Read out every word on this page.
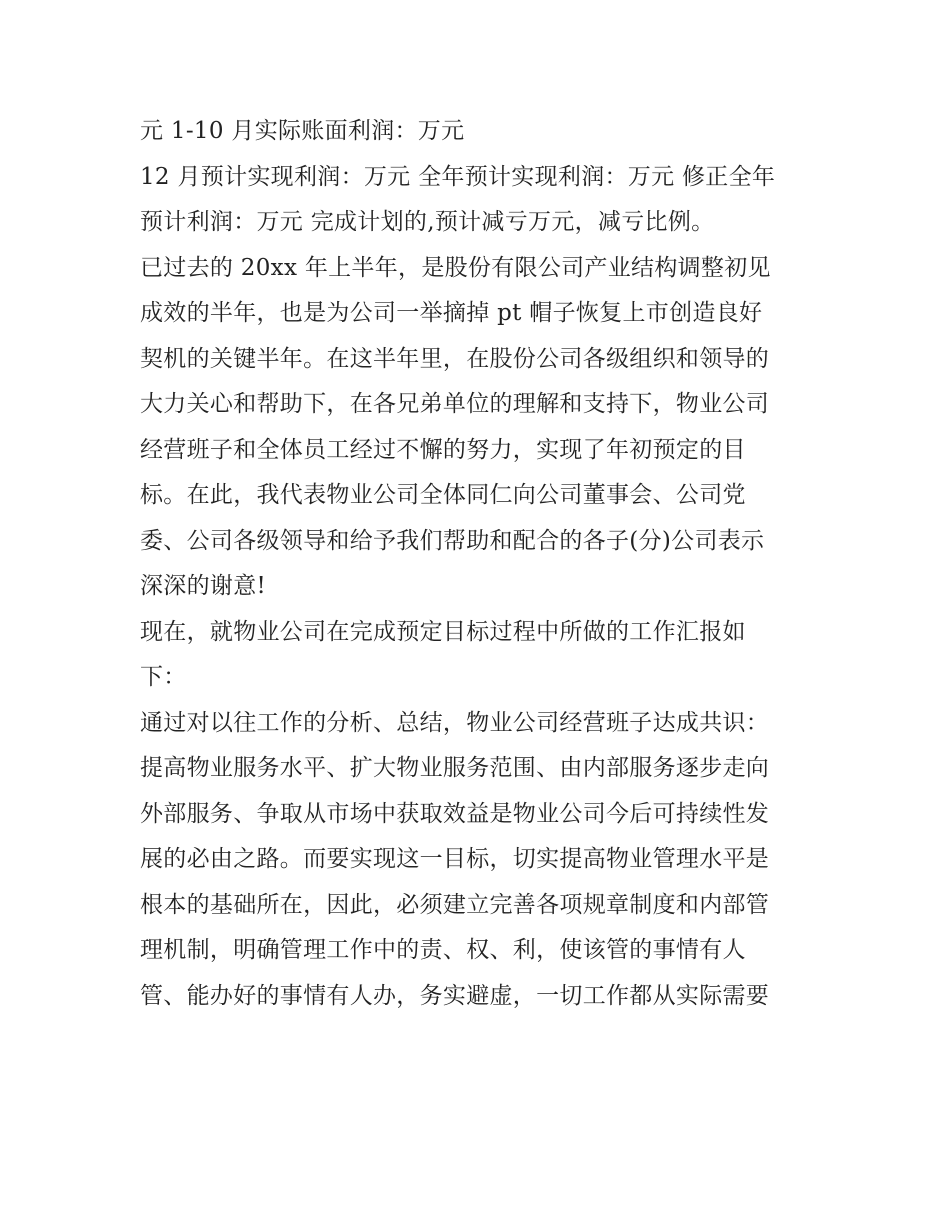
元 1-10 月实际账面利润：万元
12 月预计实现利润：万元 全年预计实现利润：万元 修正全年
预计利润：万元 完成计划的,预计减亏万元，减亏比例。
已过去的 20xx 年上半年，是股份有限公司产业结构调整初见
成效的半年，也是为公司一举摘掉 pt 帽子恢复上市创造良好
契机的关键半年。在这半年里，在股份公司各级组织和领导的
大力关心和帮助下，在各兄弟单位的理解和支持下，物业公司
经营班子和全体员工经过不懈的努力，实现了年初预定的目
标。在此，我代表物业公司全体同仁向公司董事会、公司党
委、公司各级领导和给予我们帮助和配合的各子(分)公司表示
深深的谢意!
现在，就物业公司在完成预定目标过程中所做的工作汇报如
下：
通过对以往工作的分析、总结，物业公司经营班子达成共识：
提高物业服务水平、扩大物业服务范围、由内部服务逐步走向
外部服务、争取从市场中获取效益是物业公司今后可持续性发
展的必由之路。而要实现这一目标，切实提高物业管理水平是
根本的基础所在，因此，必须建立完善各项规章制度和内部管
理机制，明确管理工作中的责、权、利，使该管的事情有人
管、能办好的事情有人办，务实避虚，一切工作都从实际需要
